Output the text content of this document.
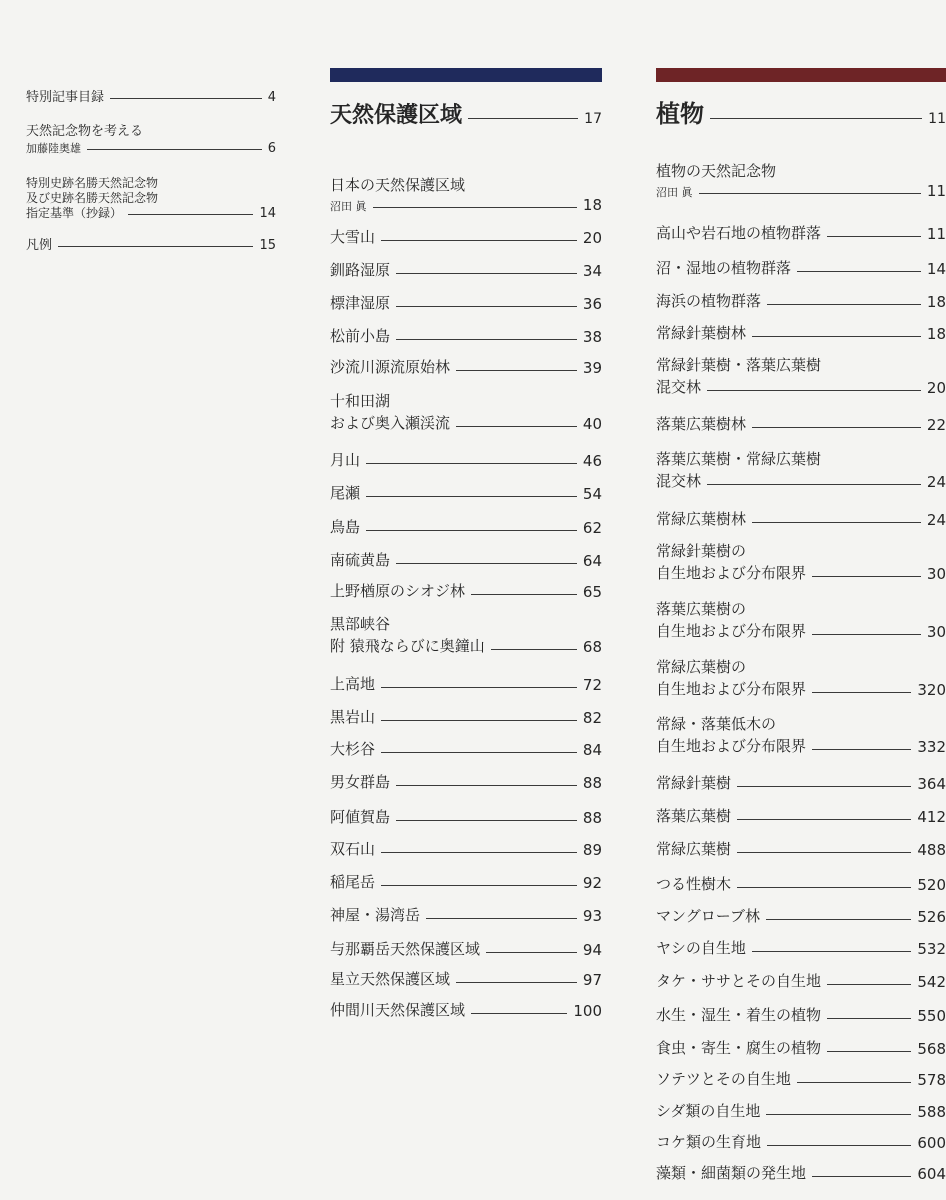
特別記事目録	4
天然記念物を考える
加藤陸奥雄	6
特別史跡名勝天然記念物
及び史跡名勝天然記念物
指定基準（抄録）	14
凡例	15
天然保護区域	17
日本の天然保護区域
沼田 眞	18
大雪山	20
釧路湿原	34
標津湿原	36
松前小島	38
沙流川源流原始林	39
十和田湖
および奥入瀬渓流	40
月山	46
尾瀬	54
鳥島	62
南硫黄島	64
上野楢原のシオジ林	65
黒部峡谷
附 猿飛ならびに奥鐘山	68
上高地	72
黒岩山	82
大杉谷	84
男女群島	88
阿値賀島	88
双石山	89
稲尾岳	92
神屋・湯湾岳	93
与那覇岳天然保護区域	94
星立天然保護区域	97
仲間川天然保護区域	100
植物	11
植物の天然記念物
沼田 眞	11
高山や岩石地の植物群落	11
沼・湿地の植物群落	14
海浜の植物群落	18
常緑針葉樹林	18
常緑針葉樹・落葉広葉樹
混交林	20
落葉広葉樹林	22
落葉広葉樹・常緑広葉樹
混交林	24
常緑広葉樹林	24
常緑針葉樹の
自生地および分布限界	30
落葉広葉樹の
自生地および分布限界	30
常緑広葉樹の
自生地および分布限界	320
常緑・落葉低木の
自生地および分布限界	332
常緑針葉樹	364
落葉広葉樹	412
常緑広葉樹	488
つる性樹木	520
マングローブ林	526
ヤシの自生地	532
タケ・ササとその自生地	542
水生・湿生・着生の植物	550
食虫・寄生・腐生の植物	568
ソテツとその自生地	578
シダ類の自生地	588
コケ類の生育地	600
藻類・細菌類の発生地	604
